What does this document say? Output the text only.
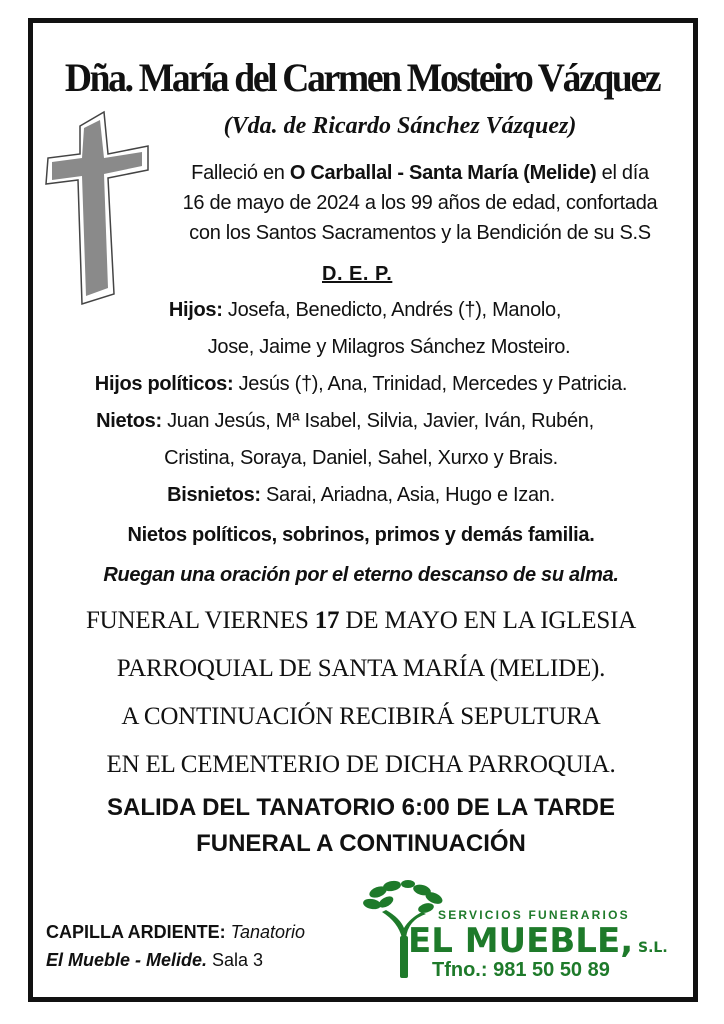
Dña. María del Carmen Mosteiro Vázquez
(Vda. de Ricardo Sánchez Vázquez)
Falleció en O Carballal - Santa María (Melide) el día
16 de mayo de 2024 a los 99 años de edad, confortada
con los Santos Sacramentos y la Bendición de su S.S
D. E. P.
Hijos: Josefa, Benedicto, Andrés (†), Manolo,
Jose, Jaime y Milagros Sánchez Mosteiro.
Hijos políticos: Jesús (†), Ana, Trinidad, Mercedes y Patricia.
Nietos: Juan Jesús, Mª Isabel, Silvia, Javier, Iván, Rubén,
Cristina, Soraya, Daniel, Sahel, Xurxo y Brais.
Bisnietos: Sarai, Ariadna, Asia, Hugo e Izan.
Nietos políticos, sobrinos, primos y demás familia.
Ruegan una oración por el eterno descanso de su alma.
FUNERAL VIERNES 17 DE MAYO EN LA IGLESIA
PARROQUIAL DE SANTA MARÍA (MELIDE).
A CONTINUACIÓN RECIBIRÁ SEPULTURA
EN EL CEMENTERIO DE DICHA PARROQUIA.
SALIDA DEL TANATORIO 6:00 DE LA TARDE
FUNERAL A CONTINUACIÓN
CAPILLA ARDIENTE: Tanatorio
El Mueble - Melide. Sala 3
SERVICIOS FUNERARIOS
EL MUEBLE, S.L.
Tfno.: 981 50 50 89
